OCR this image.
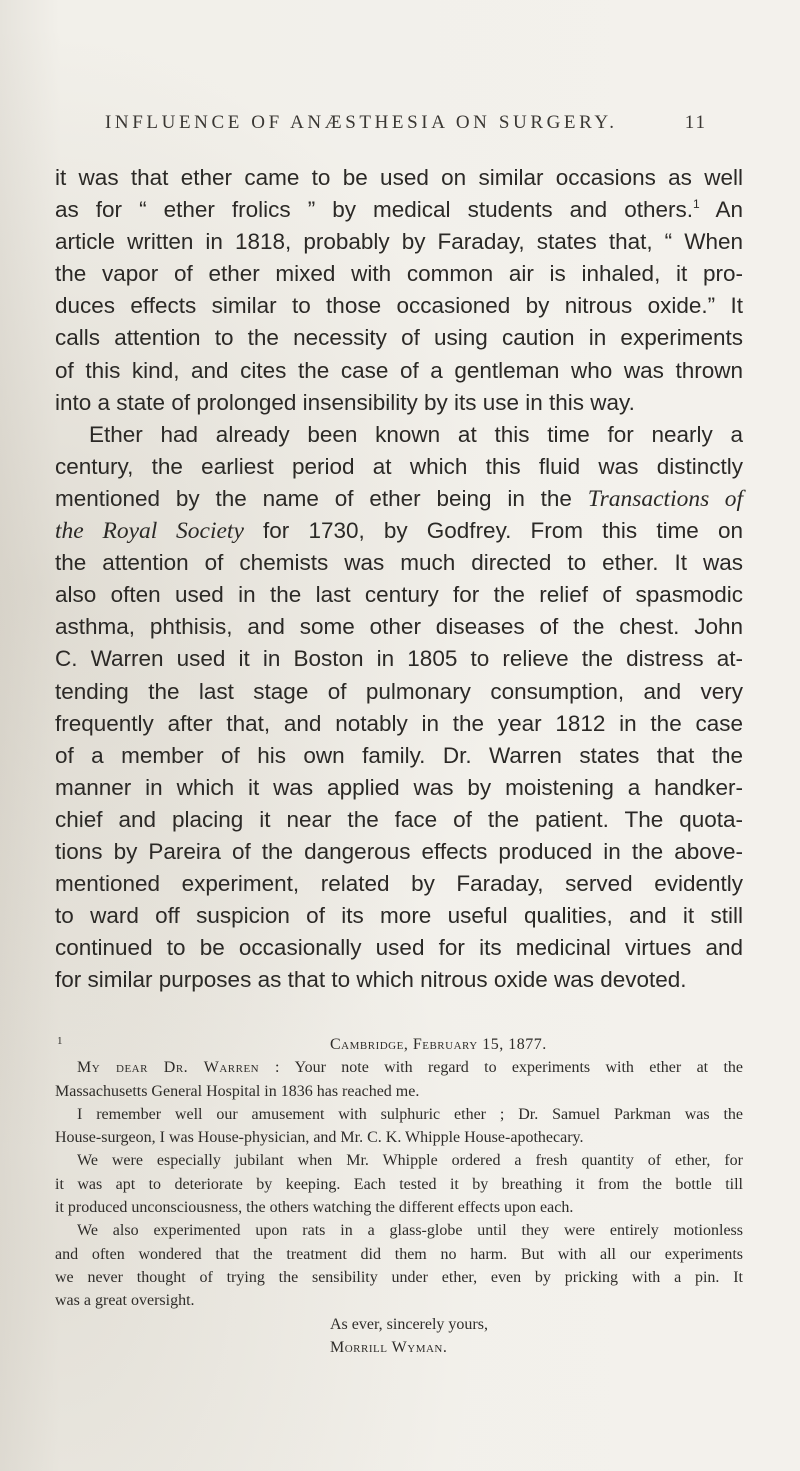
INFLUENCE OF ANÆSTHESIA ON SURGERY.	11
it was that ether came to be used on similar occasions as well
as for “ ether frolics ” by medical students and others.$^1$ An
article written in 1818, probably by Faraday, states that, “ When
the vapor of ether mixed with common air is inhaled, it pro-
duces effects similar to those occasioned by nitrous oxide.” It
calls attention to the necessity of using caution in experiments
of this kind, and cites the case of a gentleman who was thrown
into a state of prolonged insensibility by its use in this way.
Ether had already been known at this time for nearly a
century, the earliest period at which this fluid was distinctly
mentioned by the name of ether being in the Transactions of
the Royal Society for 1730, by Godfrey. From this time on
the attention of chemists was much directed to ether. It was
also often used in the last century for the relief of spasmodic
asthma, phthisis, and some other diseases of the chest. John
C. Warren used it in Boston in 1805 to relieve the distress at-
tending the last stage of pulmonary consumption, and very
frequently after that, and notably in the year 1812 in the case
of a member of his own family. Dr. Warren states that the
manner in which it was applied was by moistening a handker-
chief and placing it near the face of the patient. The quota-
tions by Pareira of the dangerous effects produced in the above-
mentioned experiment, related by Faraday, served evidently
to ward off suspicion of its more useful qualities, and it still
continued to be occasionally used for its medicinal virtues and
for similar purposes as that to which nitrous oxide was devoted.
1	Cambridge, February 15, 1877.
My dear Dr. Warren : Your note with regard to experiments with ether at the
Massachusetts General Hospital in 1836 has reached me.
I remember well our amusement with sulphuric ether ; Dr. Samuel Parkman was the
House-surgeon, I was House-physician, and Mr. C. K. Whipple House-apothecary.
We were especially jubilant when Mr. Whipple ordered a fresh quantity of ether, for
it was apt to deteriorate by keeping. Each tested it by breathing it from the bottle till
it produced unconsciousness, the others watching the different effects upon each.
We also experimented upon rats in a glass-globe until they were entirely motionless
and often wondered that the treatment did them no harm. But with all our experiments
we never thought of trying the sensibility under ether, even by pricking with a pin. It
was a great oversight.
As ever, sincerely yours,
Morrill Wyman.
